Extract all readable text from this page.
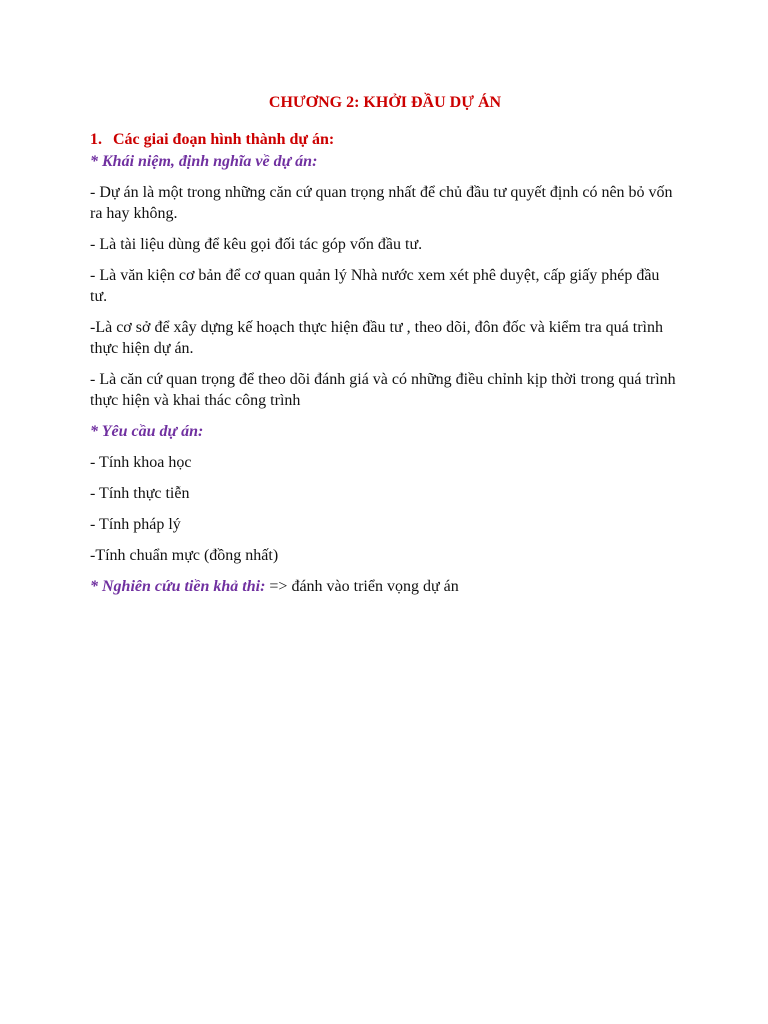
CHƯƠNG 2: KHỞI ĐẦU DỰ ÁN
1. Các giai đoạn hình thành dự án:
* Khái niệm, định nghĩa về dự án:

- Dự án là một trong những căn cứ quan trọng nhất để chủ đầu tư quyết định có nên bỏ vốn ra hay không.

- Là tài liệu dùng để kêu gọi đối tác góp vốn đầu tư.

- Là văn kiện cơ bản để cơ quan quản lý Nhà nước xem xét phê duyệt, cấp giấy phép đầu tư.

-Là cơ sở để xây dựng kế hoạch thực hiện đầu tư , theo dõi, đôn đốc và kiểm tra quá trình thực hiện dự án.

- Là căn cứ quan trọng để theo dõi đánh giá và có những điều chỉnh kịp thời trong quá trình thực hiện và khai thác công trình

* Yêu cầu dự án:

- Tính khoa học

- Tính thực tiễn

- Tính pháp lý

-Tính chuẩn mực (đồng nhất)

* Nghiên cứu tiền khả thi: => đánh vào triển vọng dự án
